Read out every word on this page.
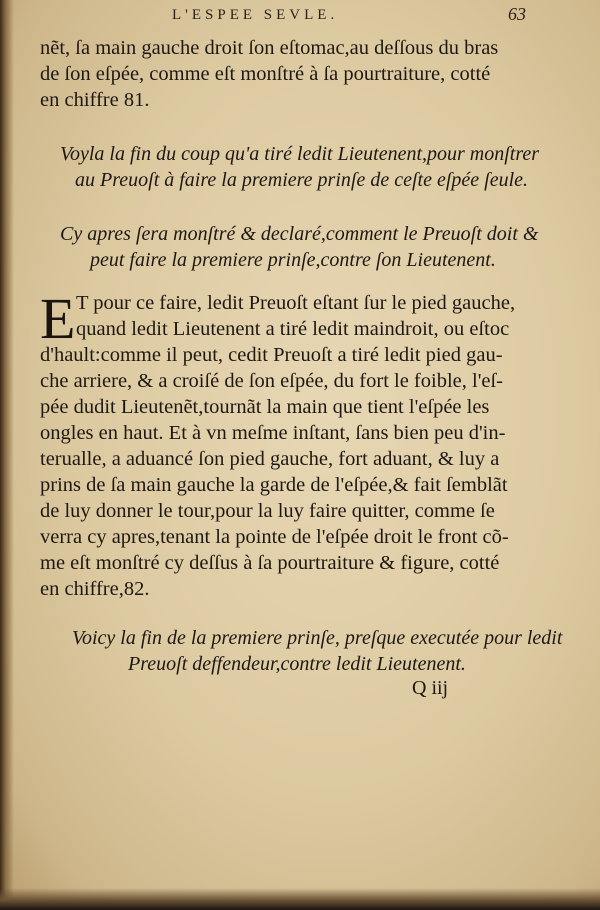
L'ESPEE SEVLE.	63
nẽt, ſa main gauche droit ſon eſtomac,au deſſous du bras
de ſon eſpée, comme eſt monſtré à ſa pourtraiture, cotté
en chiffre 81.
Voyla la fin du coup qu'a tiré ledit Lieutenent,pour monſtrer
au Preuoſt à faire la premiere prinſe de ceſte eſpée ſeule.
Cy apres ſera monſtré & declaré,comment le Preuoſt doit &
peut faire la premiere prinſe,contre ſon Lieutenent.
E T pour ce faire, ledit Preuoſt eſtant ſur le pied gauche,
quand ledit Lieutenent a tiré ledit maindroit, ou eſtoc
d'hault:comme il peut, cedit Preuoſt a tiré ledit pied gau-
che arriere, & a croiſé de ſon eſpée, du fort le foible, l'eſ-
pée dudit Lieutenẽt,tournãt la main que tient l'eſpée les
ongles en haut. Et à vn meſme inſtant, ſans bien peu d'in-
terualle, a aduancé ſon pied gauche, fort aduant, & luy a
prins de ſa main gauche la garde de l'eſpée,& fait ſemblãt
de luy donner le tour,pour la luy faire quitter, comme ſe
verra cy apres,tenant la pointe de l'eſpée droit le front cõ-
me eſt monſtré cy deſſus à ſa pourtraiture & figure, cotté
en chiffre,82.
Voicy la fin de la premiere prinſe, preſque executée pour ledit
Preuoſt deffendeur,contre ledit Lieutenent.
Q iij
